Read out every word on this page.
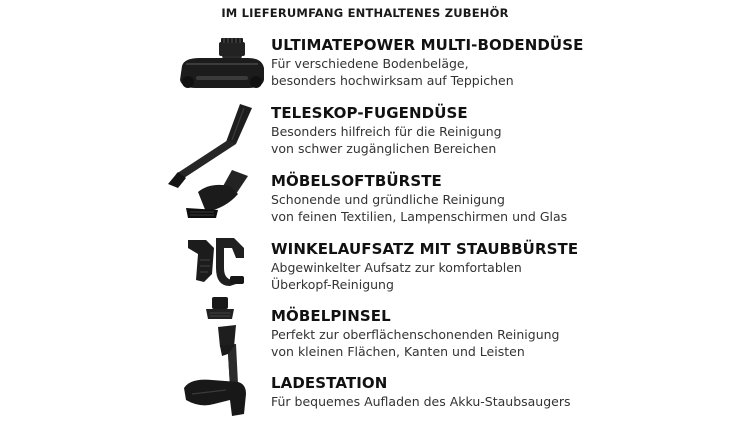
IM LIEFERUMFANG ENTHALTENES ZUBEHÖR
ULTIMATEPOWER MULTI-BODENDÜSE
Für verschiedene Bodenbeläge,
besonders hochwirksam auf Teppichen
TELESKOP-FUGENDÜSE
Besonders hilfreich für die Reinigung
von schwer zugänglichen Bereichen
MÖBELSOFTBÜRSTE
Schonende und gründliche Reinigung
von feinen Textilien, Lampenschirmen und Glas
WINKELAUFSATZ MIT STAUBBÜRSTE
Abgewinkelter Aufsatz zur komfortablen
Überkopf-Reinigung
MÖBELPINSEL
Perfekt zur oberflächenschonenden Reinigung
von kleinen Flächen, Kanten und Leisten
LADESTATION
Für bequemes Aufladen des Akku-Staubsaugers
